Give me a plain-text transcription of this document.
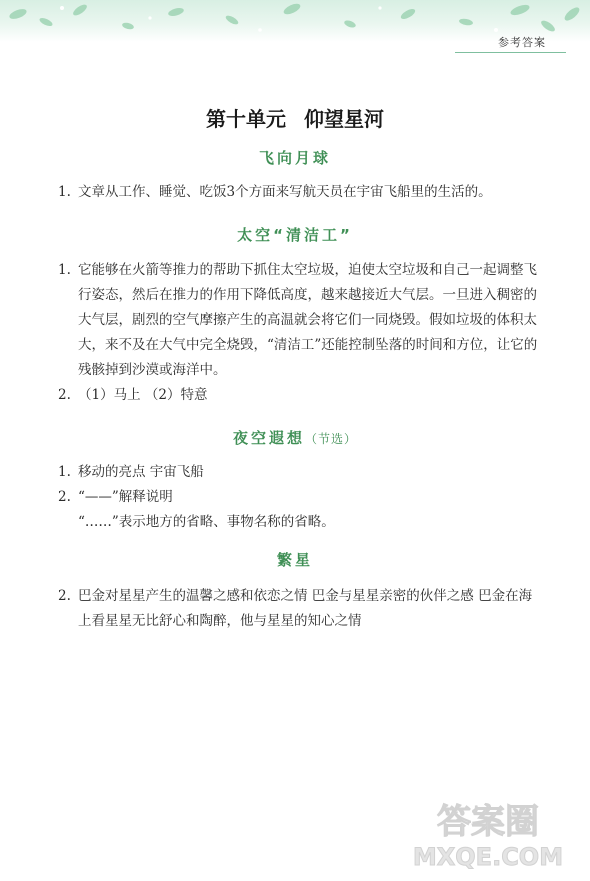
参考答案
第十单元 仰望星河
飞向月球
1. 文章从工作、睡觉、吃饭3个方面来写航天员在宇宙飞船里的生活的。
太空“清洁工”
1. 它能够在火箭等推力的帮助下抓住太空垃圾，迫使太空垃圾和自己一起调整飞行姿态，然后在推力的作用下降低高度，越来越接近大气层。一旦进入稠密的大气层，剧烈的空气摩擦产生的高温就会将它们一同烧毁。假如垃圾的体积太大，来不及在大气中完全烧毁，“清洁工”还能控制坠落的时间和方位，让它的残骸掉到沙漠或海洋中。
2. （1）马上 （2）特意
夜空遐想（节选）
1. 移动的亮点 宇宙飞船
2. “——”解释说明
“……”表示地方的省略、事物名称的省略。
繁星
2. 巴金对星星产生的温馨之感和依恋之情 巴金与星星亲密的伙伴之感 巴金在海上看星星无比舒心和陶醉，他与星星的知心之情
答案圈
MXQE.COM
